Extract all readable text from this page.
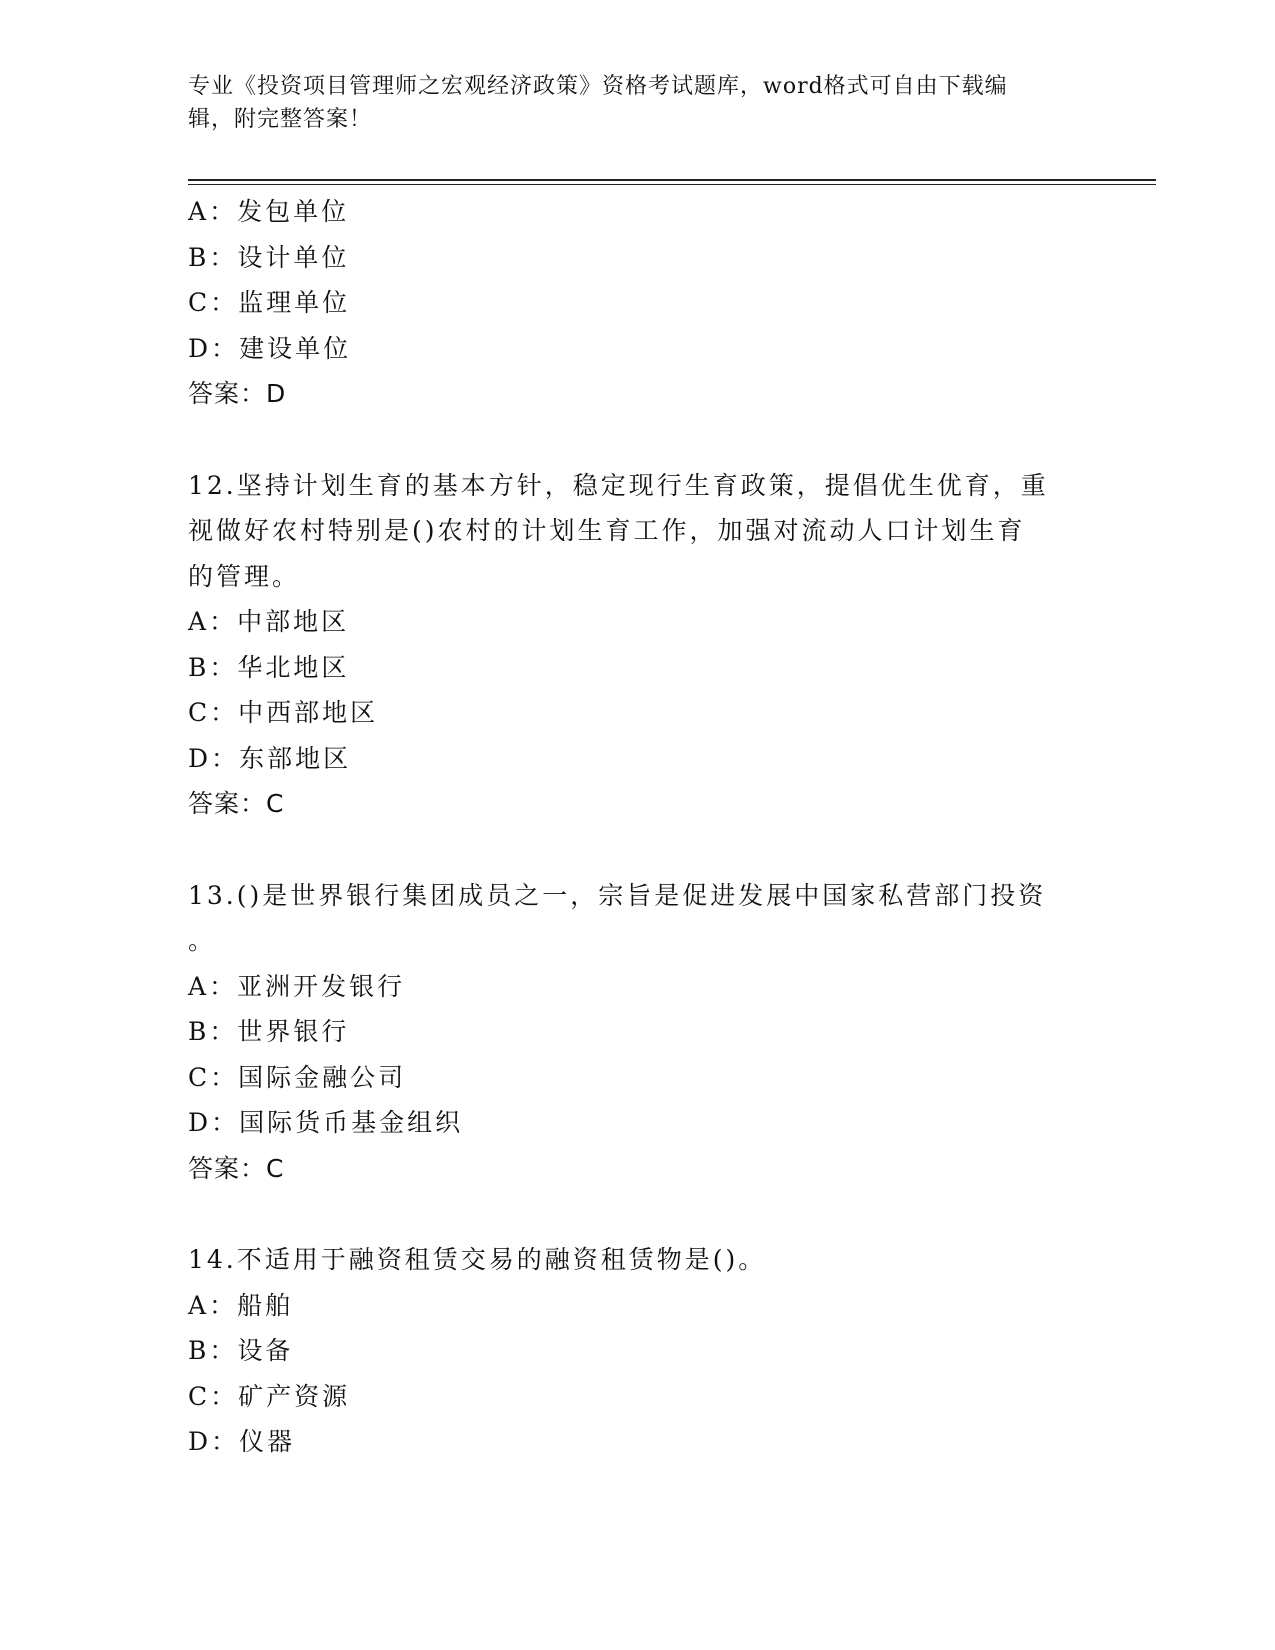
专业《投资项目管理师之宏观经济政策》资格考试题库，word格式可自由下载编
辑，附完整答案！
A：发包单位
B：设计单位
C：监理单位
D：建设单位
答案：D
12.坚持计划生育的基本方针，稳定现行生育政策，提倡优生优育，重
视做好农村特别是()农村的计划生育工作，加强对流动人口计划生育
的管理。
A：中部地区
B：华北地区
C：中西部地区
D：东部地区
答案：C
13.()是世界银行集团成员之一，宗旨是促进发展中国家私营部门投资
。
A：亚洲开发银行
B：世界银行
C：国际金融公司
D：国际货币基金组织
答案：C
14.不适用于融资租赁交易的融资租赁物是()。
A：船舶
B：设备
C：矿产资源
D：仪器
